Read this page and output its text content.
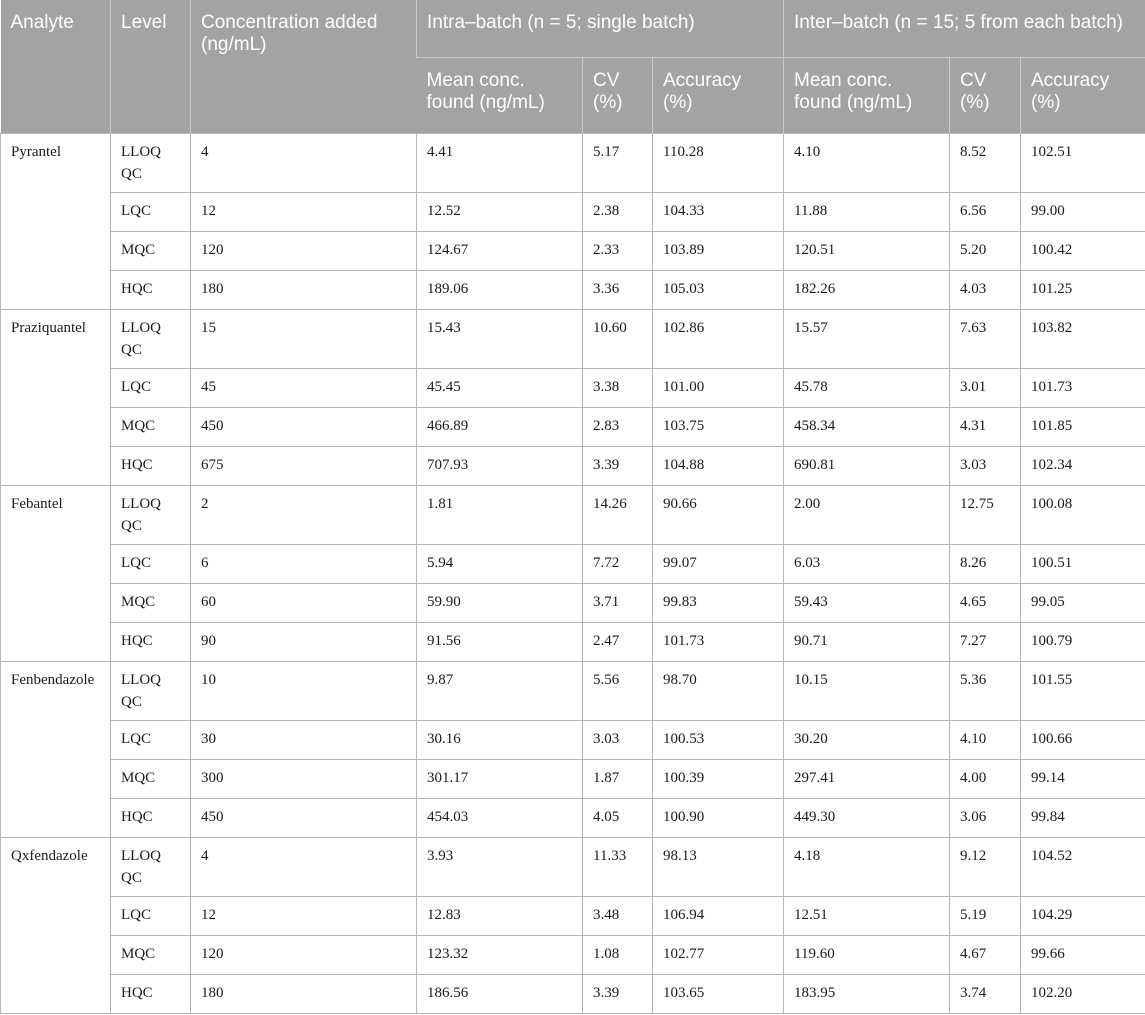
Analyte	Level	Concentration added (ng/mL)	Intra–batch (n = 5; single batch)			Inter–batch (n = 15; 5 from each batch)		
			Mean conc. found (ng/mL)	CV (%)	Accuracy (%)	Mean conc. found (ng/mL)	CV (%)	Accuracy (%)
Pyrantel	LLOQ QC	4	4.41	5.17	110.28	4.10	8.52	102.51
	LQC	12	12.52	2.38	104.33	11.88	6.56	99.00
	MQC	120	124.67	2.33	103.89	120.51	5.20	100.42
	HQC	180	189.06	3.36	105.03	182.26	4.03	101.25
Praziquantel	LLOQ QC	15	15.43	10.60	102.86	15.57	7.63	103.82
	LQC	45	45.45	3.38	101.00	45.78	3.01	101.73
	MQC	450	466.89	2.83	103.75	458.34	4.31	101.85
	HQC	675	707.93	3.39	104.88	690.81	3.03	102.34
Febantel	LLOQ QC	2	1.81	14.26	90.66	2.00	12.75	100.08
	LQC	6	5.94	7.72	99.07	6.03	8.26	100.51
	MQC	60	59.90	3.71	99.83	59.43	4.65	99.05
	HQC	90	91.56	2.47	101.73	90.71	7.27	100.79
Fenbendazole	LLOQ QC	10	9.87	5.56	98.70	10.15	5.36	101.55
	LQC	30	30.16	3.03	100.53	30.20	4.10	100.66
	MQC	300	301.17	1.87	100.39	297.41	4.00	99.14
	HQC	450	454.03	4.05	100.90	449.30	3.06	99.84
Qxfendazole	LLOQ QC	4	3.93	11.33	98.13	4.18	9.12	104.52
	LQC	12	12.83	3.48	106.94	12.51	5.19	104.29
	MQC	120	123.32	1.08	102.77	119.60	4.67	99.66
	HQC	180	186.56	3.39	103.65	183.95	3.74	102.20
